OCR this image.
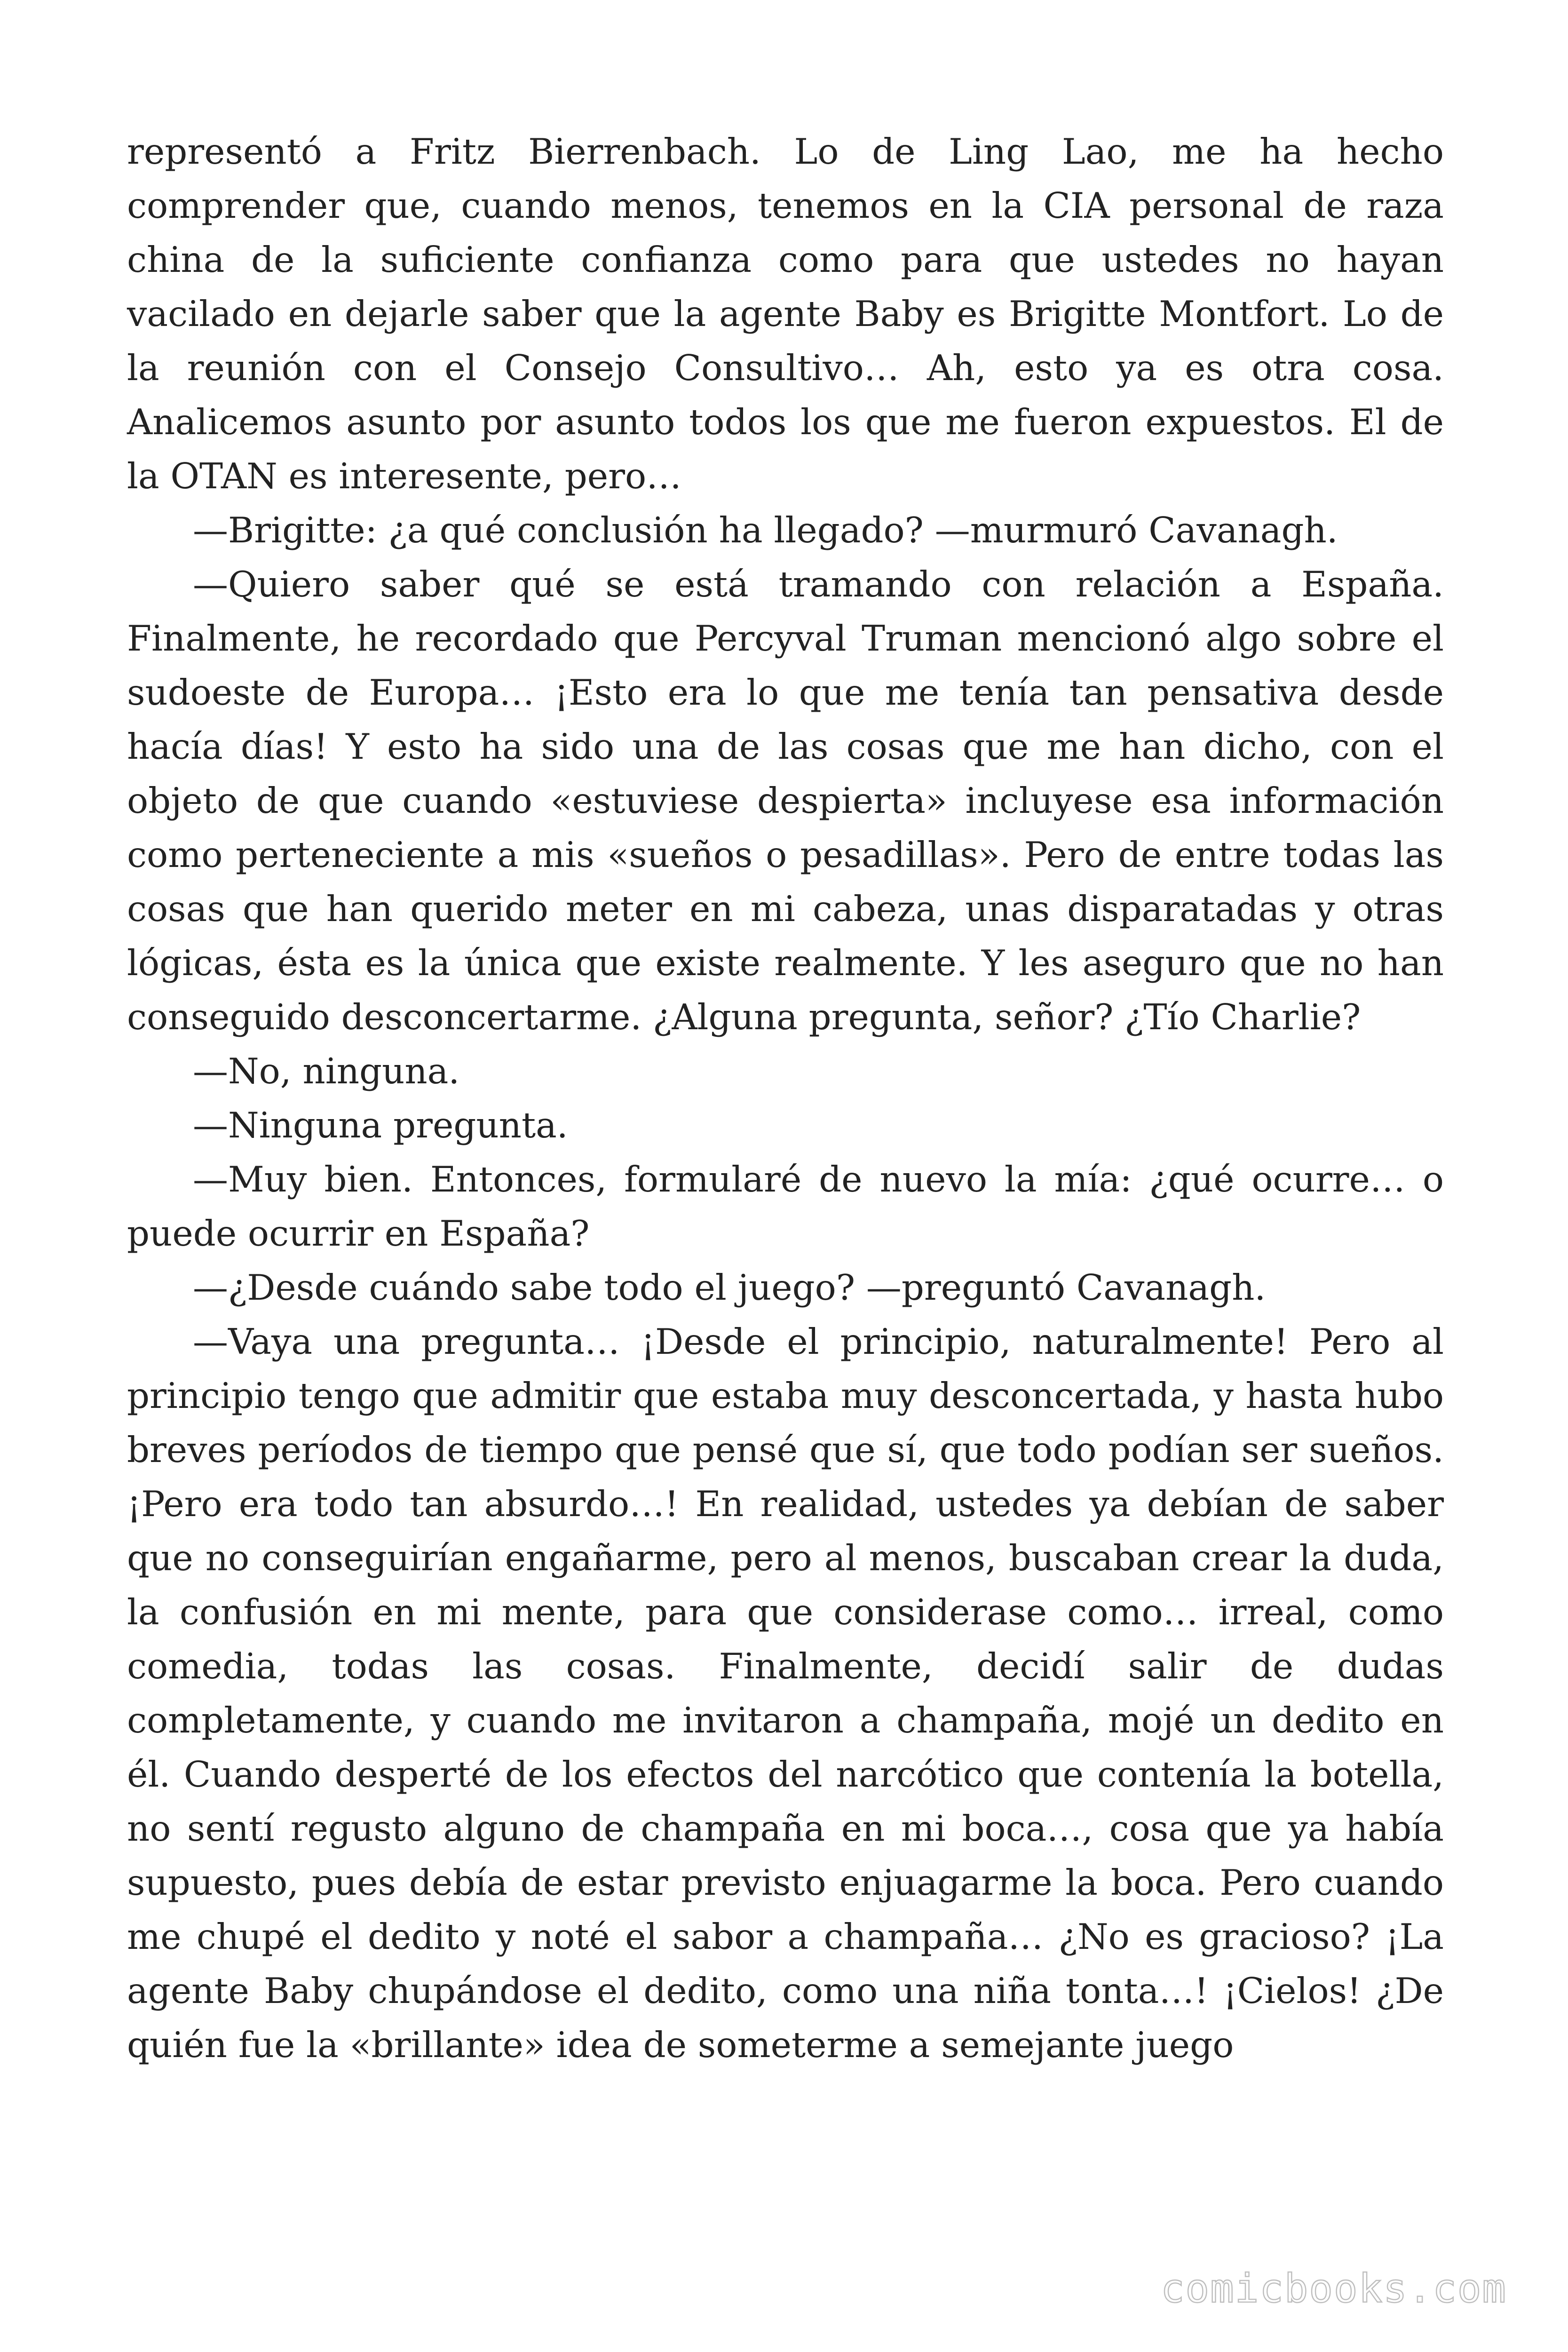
representó a Fritz Bierrenbach. Lo de Ling Lao, me ha hecho comprender que, cuando menos, tenemos en la CIA personal de raza china de la suficiente confianza como para que ustedes no hayan vacilado en dejarle saber que la agente Baby es Brigitte Montfort. Lo de la reunión con el Consejo Consultivo… Ah, esto ya es otra cosa. Analicemos asunto por asunto todos los que me fueron expuestos. El de la OTAN es interesente, pero…

—Brigitte: ¿a qué conclusión ha llegado? —murmuró Cavanagh.

—Quiero saber qué se está tramando con relación a España. Finalmente, he recordado que Percyval Truman mencionó algo sobre el sudoeste de Europa… ¡Esto era lo que me tenía tan pensativa desde hacía días! Y esto ha sido una de las cosas que me han dicho, con el objeto de que cuando «estuviese despierta» incluyese esa información como perteneciente a mis «sueños o pesadillas». Pero de entre todas las cosas que han querido meter en mi cabeza, unas disparatadas y otras lógicas, ésta es la única que existe realmente. Y les aseguro que no han conseguido desconcertarme. ¿Alguna pregunta, señor? ¿Tío Charlie?

—No, ninguna.

—Ninguna pregunta.

—Muy bien. Entonces, formularé de nuevo la mía: ¿qué ocurre… o puede ocurrir en España?

—¿Desde cuándo sabe todo el juego? —preguntó Cavanagh.

—Vaya una pregunta… ¡Desde el principio, naturalmente! Pero al principio tengo que admitir que estaba muy desconcertada, y hasta hubo breves períodos de tiempo que pensé que sí, que todo podían ser sueños. ¡Pero era todo tan absurdo…! En realidad, ustedes ya debían de saber que no conseguirían engañarme, pero al menos, buscaban crear la duda, la confusión en mi mente, para que considerase como… irreal, como comedia, todas las cosas. Finalmente, decidí salir de dudas completamente, y cuando me invitaron a champaña, mojé un dedito en él. Cuando desperté de los efectos del narcótico que contenía la botella, no sentí regusto alguno de champaña en mi boca…, cosa que ya había supuesto, pues debía de estar previsto enjuagarme la boca. Pero cuando me chupé el dedito y noté el sabor a champaña… ¿No es gracioso? ¡La agente Baby chupándose el dedito, como una niña tonta…! ¡Cielos! ¿De quién fue la «brillante» idea de someterme a semejante juego

comicbooks.com
